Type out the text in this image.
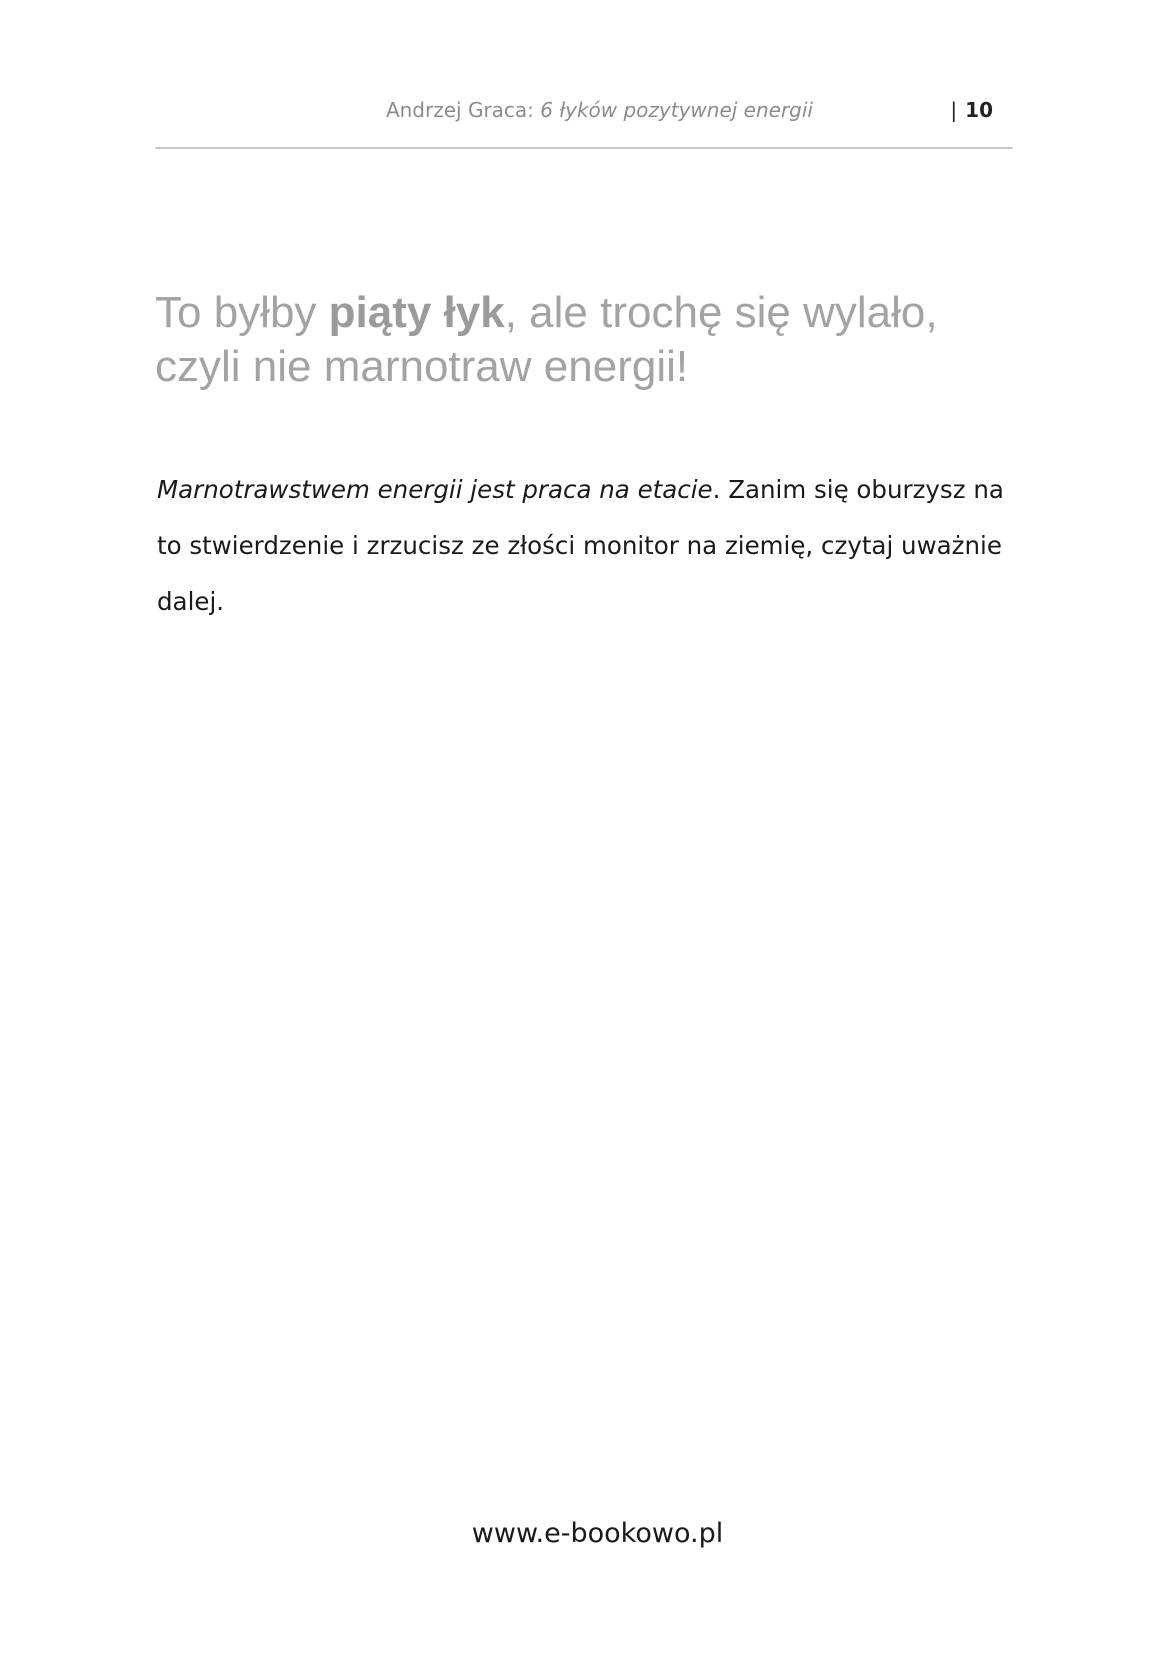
Andrzej Graca: 6 łyków pozytywnej energii	| 10
To byłby piąty łyk, ale trochę się wylało,
czyli nie marnotraw energii!

Marnotrawstwem energii jest praca na etacie. Zanim się oburzysz na to stwierdzenie i zrzucisz ze złości monitor na ziemię, czytaj uważnie dalej.

www.e-bookowo.pl
